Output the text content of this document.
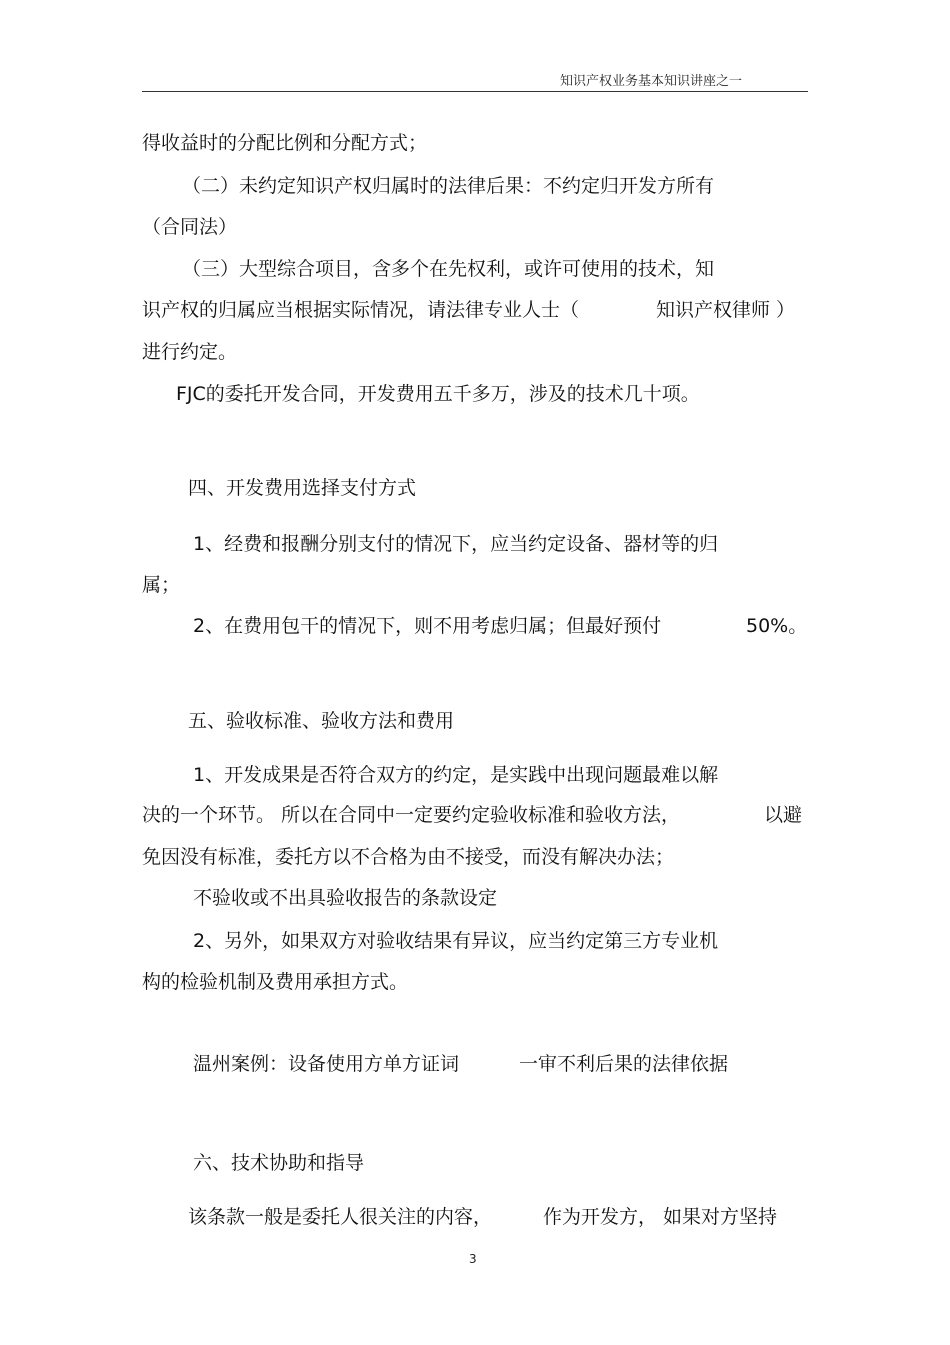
知识产权业务基本知识讲座之一
得收益时的分配比例和分配方式；
（二）未约定知识产权归属时的法律后果：不约定归开发方所有
（合同法）
（三）大型综合项目，含多个在先权利，或许可使用的技术，知
识产权的归属应当根据实际情况，请法律专业人士（	知识产权律师 ）
进行约定。
FJC的委托开发合同，开发费用五千多万，涉及的技术几十项。
四、开发费用选择支付方式
1、经费和报酬分别支付的情况下，应当约定设备、器材等的归
属；
2、在费用包干的情况下，则不用考虑归属；但最好预付	50%。
五、验收标准、验收方法和费用
1、开发成果是否符合双方的约定，是实践中出现问题最难以解
决的一个环节。 所以在合同中一定要约定验收标准和验收方法，	以避
免因没有标准，委托方以不合格为由不接受，而没有解决办法；
不验收或不出具验收报告的条款设定
2、另外，如果双方对验收结果有异议，应当约定第三方专业机
构的检验机制及费用承担方式。
温州案例：设备使用方单方证词	一审不利后果的法律依据
六、技术协助和指导
该条款一般是委托人很关注的内容，	作为开发方， 如果对方坚持
3
